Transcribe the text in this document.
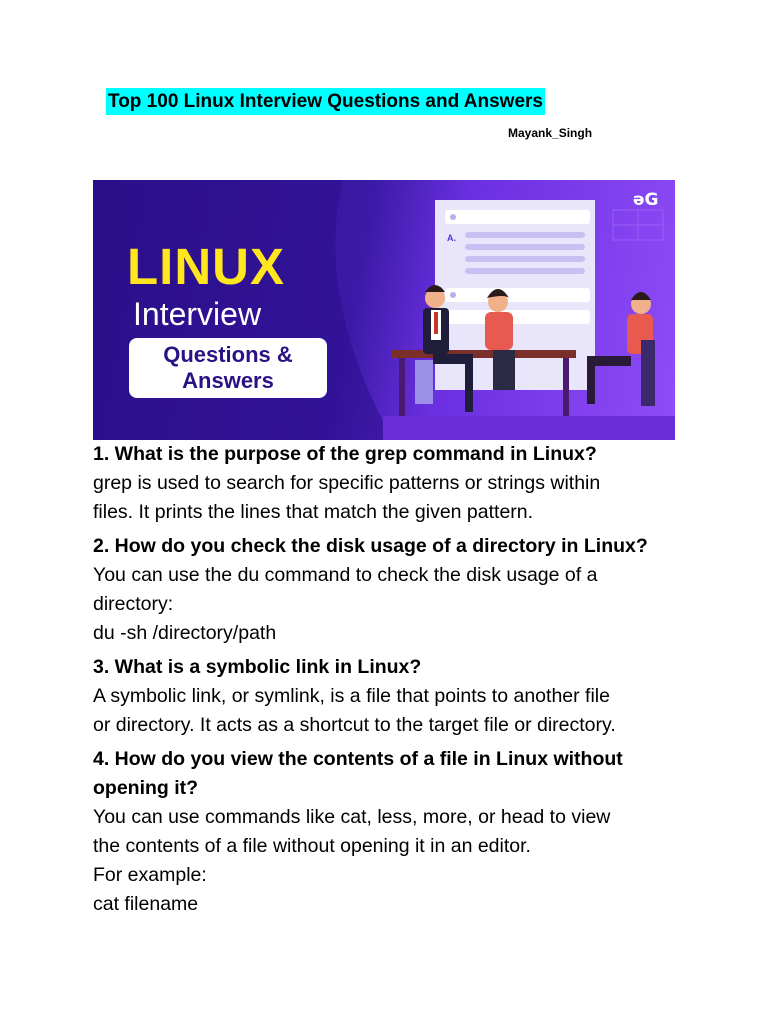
Top 100 Linux Interview Questions and Answers
Mayank_Singh
LINUX
Interview
Questions &
Answers
əG
A.
1. What is the purpose of the grep command in Linux?
grep is used to search for specific patterns or strings within
files. It prints the lines that match the given pattern.
2. How do you check the disk usage of a directory in Linux?
You can use the du command to check the disk usage of a
directory:
du -sh /directory/path
3. What is a symbolic link in Linux?
A symbolic link, or symlink, is a file that points to another file
or directory. It acts as a shortcut to the target file or directory.
4. How do you view the contents of a file in Linux without
opening it?
You can use commands like cat, less, more, or head to view
the contents of a file without opening it in an editor.
For example:
cat filename
